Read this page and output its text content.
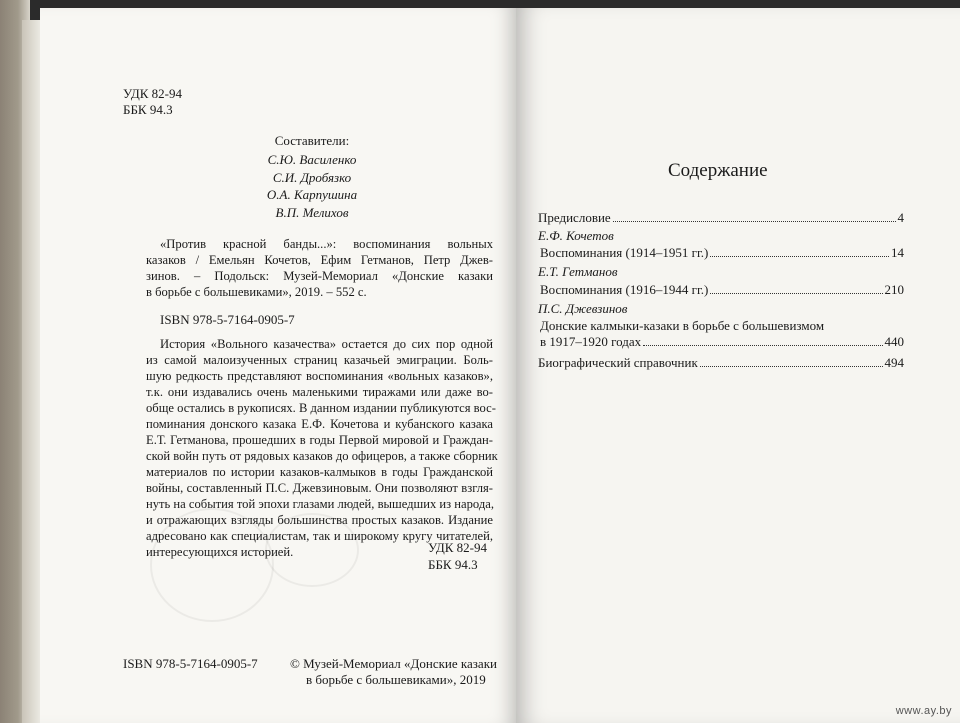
УДК 82-94
ББК 94.3
Составители:
С.Ю. Василенко
С.И. Дробязко
О.А. Карпушина
В.П. Мелихов
«Против красной банды...»: воспоминания вольных
казаков / Емельян Кочетов, Ефим Гетманов, Петр Джев-
зинов. – Подольск: Музей-Мемориал «Донские казаки
в борьбе с большевиками», 2019. – 552 с.
ISBN 978-5-7164-0905-7
История «Вольного казачества» остается до сих пор одной
из самой малоизученных страниц казачьей эмиграции. Боль-
шую редкость представляют воспоминания «вольных казаков»,
т.к. они издавались очень маленькими тиражами или даже во-
обще остались в рукописях. В данном издании публикуются вос-
поминания донского казака Е.Ф. Кочетова и кубанского казака
Е.Т. Гетманова, прошедших в годы Первой мировой и Граждан-
ской войн путь от рядовых казаков до офицеров, а также сборник
материалов по истории казаков-калмыков в годы Гражданской
войны, составленный П.С. Джевзиновым. Они позволяют взгля-
нуть на события той эпохи глазами людей, вышедших из народа,
и отражающих взгляды большинства простых казаков. Издание
адресовано как специалистам, так и широкому кругу читателей,
интересующихся историей.	УДК 82-94
ББК 94.3
ISBN 978-5-7164-0905-7 © Музей-Мемориал «Донские казаки
в борьбе с большевиками», 2019
Содержание
Предисловие	4
Е.Ф. Кочетов
Воспоминания (1914–1951 гг.)	14
Е.Т. Гетманов
Воспоминания (1916–1944 гг.)	210
П.С. Джевзинов
Донские калмыки-казаки в борьбе с большевизмом
в 1917–1920 годах	440
Биографический справочник	494
www.ay.by
